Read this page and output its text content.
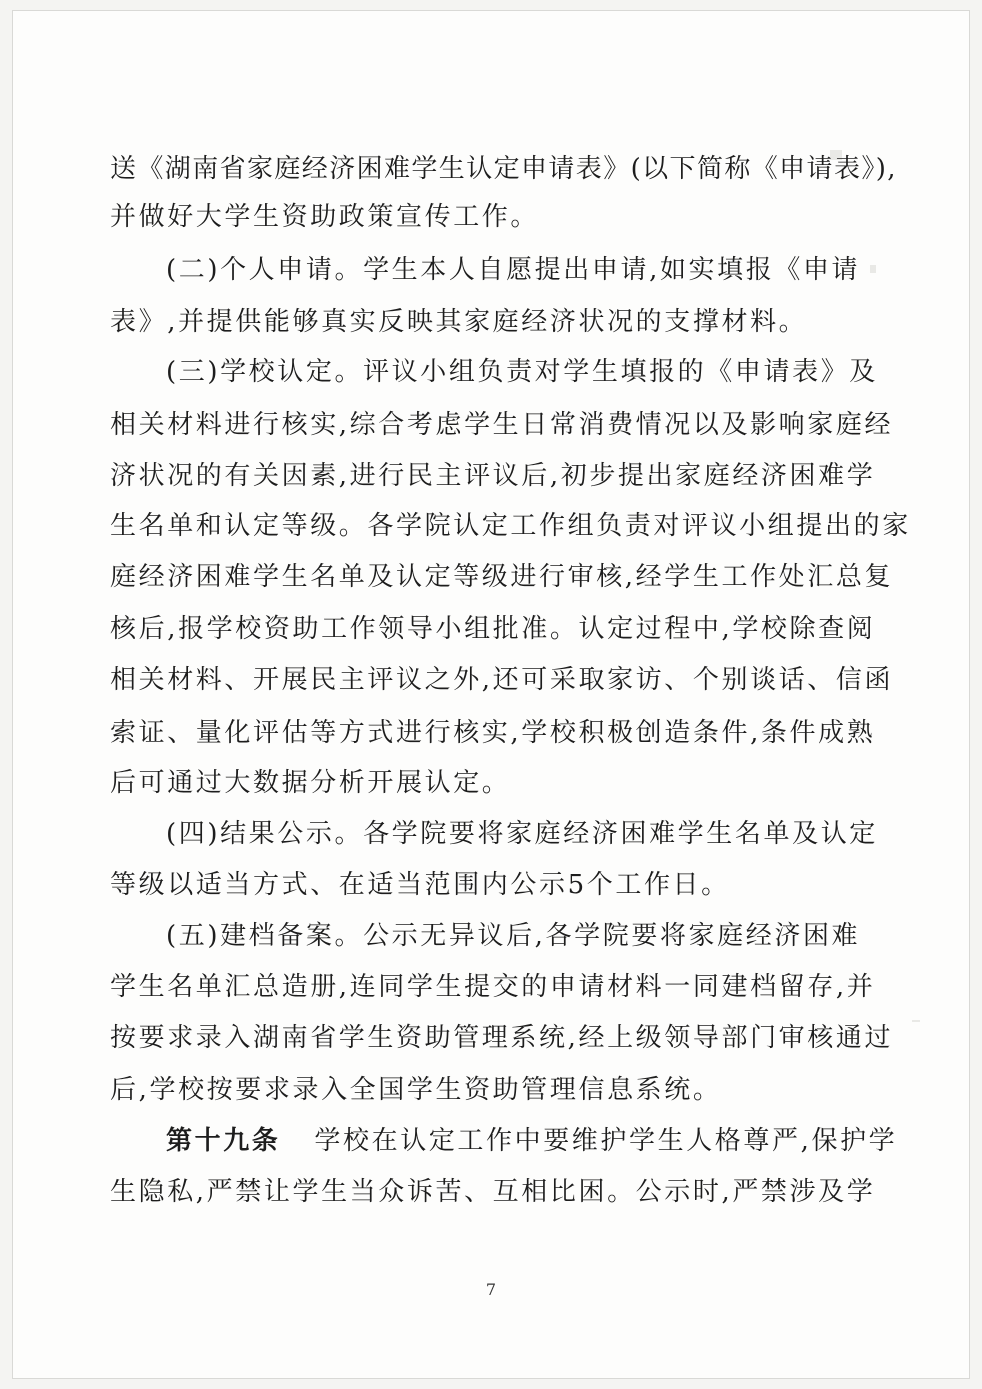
送《湖南省家庭经济困难学生认定申请表》(以下简称《申请表》),
并做好大学生资助政策宣传工作。
(二)个人申请。学生本人自愿提出申请,如实填报《申请
表》,并提供能够真实反映其家庭经济状况的支撑材料。
(三)学校认定。评议小组负责对学生填报的《申请表》及
相关材料进行核实,综合考虑学生日常消费情况以及影响家庭经
济状况的有关因素,进行民主评议后,初步提出家庭经济困难学
生名单和认定等级。各学院认定工作组负责对评议小组提出的家
庭经济困难学生名单及认定等级进行审核,经学生工作处汇总复
核后,报学校资助工作领导小组批准。认定过程中,学校除查阅
相关材料、开展民主评议之外,还可采取家访、个别谈话、信函
索证、量化评估等方式进行核实,学校积极创造条件,条件成熟
后可通过大数据分析开展认定。
(四)结果公示。各学院要将家庭经济困难学生名单及认定
等级以适当方式、在适当范围内公示5个工作日。
(五)建档备案。公示无异议后,各学院要将家庭经济困难
学生名单汇总造册,连同学生提交的申请材料一同建档留存,并
按要求录入湖南省学生资助管理系统,经上级领导部门审核通过
后,学校按要求录入全国学生资助管理信息系统。
第十九条 学校在认定工作中要维护学生人格尊严,保护学
生隐私,严禁让学生当众诉苦、互相比困。公示时,严禁涉及学
7
